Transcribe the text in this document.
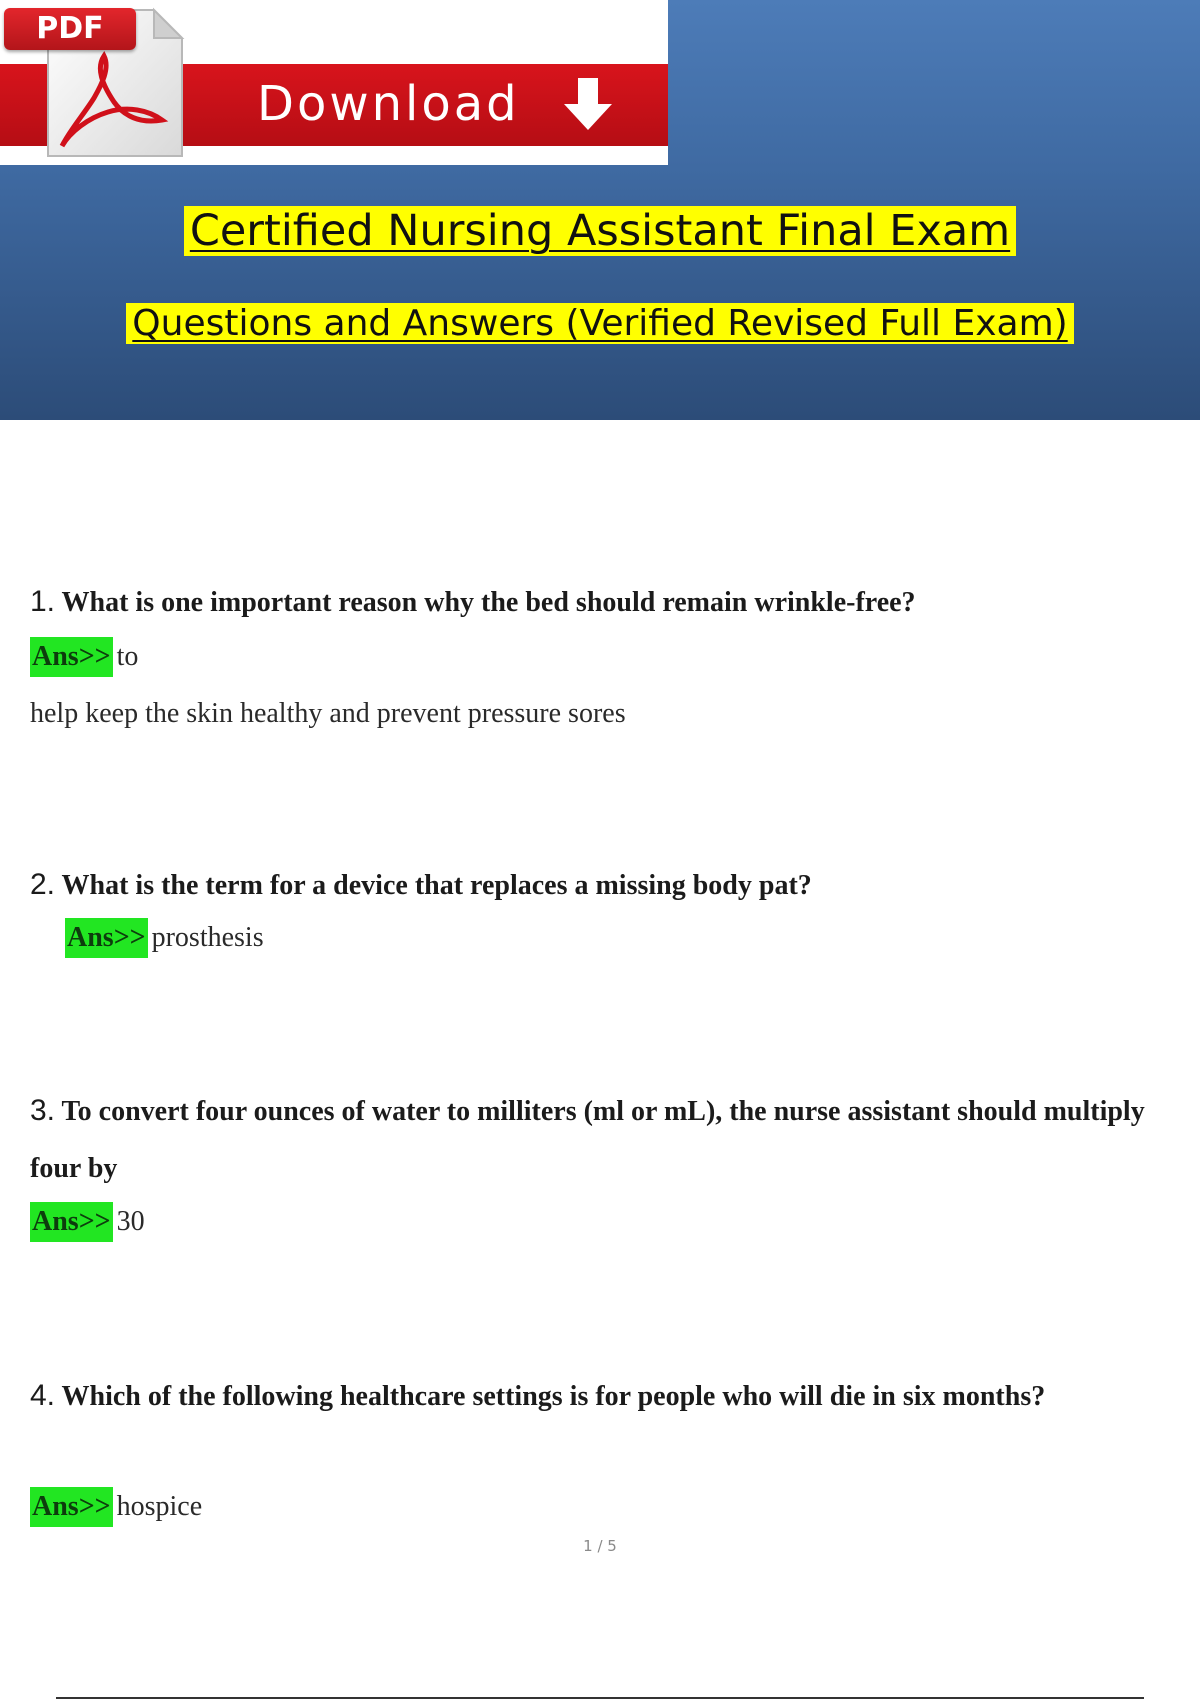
Download
PDF
Certified Nursing Assistant Final Exam
Questions and Answers (Verified Revised Full Exam)
1. What is one important reason why the bed should remain wrinkle-free?
Ans>> to
help keep the skin healthy and prevent pressure sores
2. What is the term for a device that replaces a missing body pat?
Ans>> prosthesis
3. To convert four ounces of water to milliters (ml or mL), the nurse assistant should multiply four by
Ans>> 30
4. Which of the following healthcare settings is for people who will die in six months?
Ans>> hospice
1 / 5
